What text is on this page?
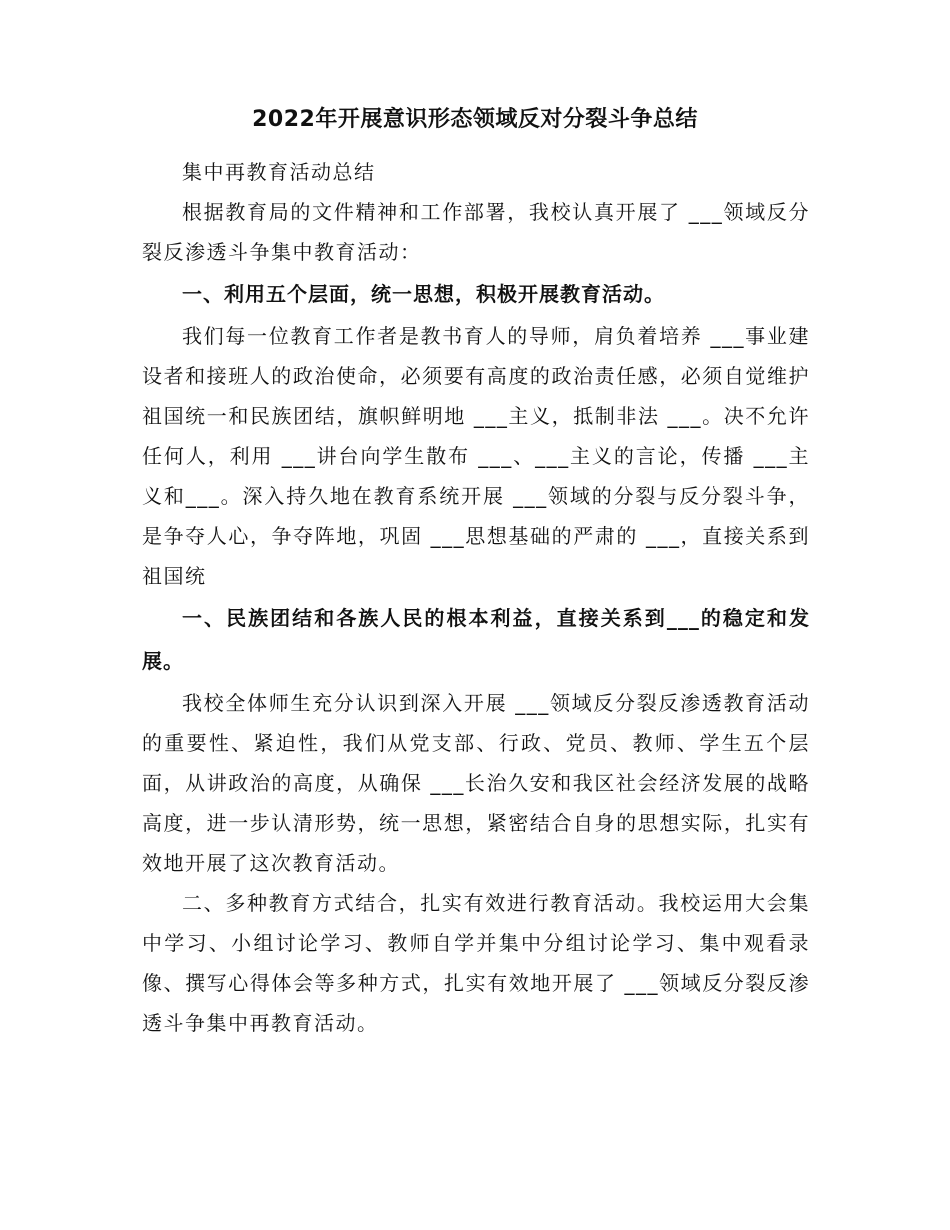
2022年开展意识形态领域反对分裂斗争总结

集中再教育活动总结

根据教育局的文件精神和工作部署，我校认真开展了 ___领域反分裂反渗透斗争集中教育活动：

一、利用五个层面，统一思想，积极开展教育活动。

我们每一位教育工作者是教书育人的导师，肩负着培养 ___事业建设者和接班人的政治使命，必须要有高度的政治责任感，必须自觉维护祖国统一和民族团结，旗帜鲜明地 ___主义，抵制非法 ___。决不允许任何人，利用 ___讲台向学生散布 ___、___主义的言论，传播 ___主义和___。深入持久地在教育系统开展 ___领域的分裂与反分裂斗争，是争夺人心，争夺阵地，巩固 ___思想基础的严肃的 ___，直接关系到祖国统

一、民族团结和各族人民的根本利益，直接关系到___的稳定和发展。

我校全体师生充分认识到深入开展 ___领域反分裂反渗透教育活动的重要性、紧迫性，我们从党支部、行政、党员、教师、学生五个层面，从讲政治的高度，从确保 ___长治久安和我区社会经济发展的战略高度，进一步认清形势，统一思想，紧密结合自身的思想实际，扎实有效地开展了这次教育活动。

二、多种教育方式结合，扎实有效进行教育活动。我校运用大会集中学习、小组讨论学习、教师自学并集中分组讨论学习、集中观看录像、撰写心得体会等多种方式，扎实有效地开展了 ___领域反分裂反渗透斗争集中再教育活动。
